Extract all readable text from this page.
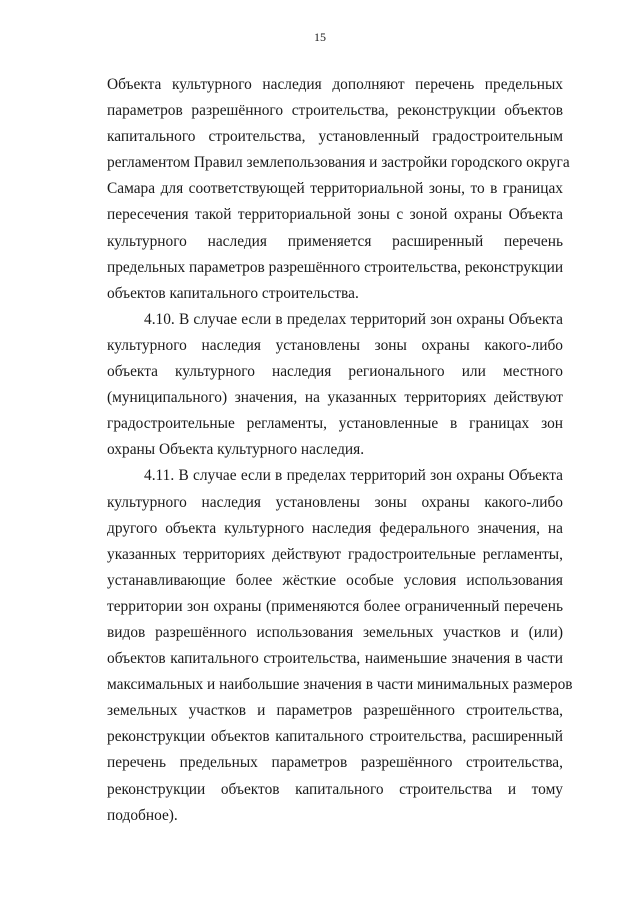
15

Объекта культурного наследия дополняют перечень предельных
параметров разрешённого строительства, реконструкции объектов
капитального строительства, установленный градостроительным
регламентом Правил землепользования и застройки городского округа
Самара для соответствующей территориальной зоны, то в границах
пересечения такой территориальной зоны с зоной охраны Объекта
культурного наследия применяется расширенный перечень
предельных параметров разрешённого строительства, реконструкции
объектов капитального строительства.

4.10. В случае если в пределах территорий зон охраны Объекта
культурного наследия установлены зоны охраны какого-либо
объекта культурного наследия регионального или местного
(муниципального) значения, на указанных территориях действуют
градостроительные регламенты, установленные в границах зон
охраны Объекта культурного наследия.

4.11. В случае если в пределах территорий зон охраны Объекта
культурного наследия установлены зоны охраны какого-либо
другого объекта культурного наследия федерального значения, на
указанных территориях действуют градостроительные регламенты,
устанавливающие более жёсткие особые условия использования
территории зон охраны (применяются более ограниченный перечень
видов разрешённого использования земельных участков и (или)
объектов капитального строительства, наименьшие значения в части
максимальных и наибольшие значения в части минимальных размеров
земельных участков и параметров разрешённого строительства,
реконструкции объектов капитального строительства, расширенный
перечень предельных параметров разрешённого строительства,
реконструкции объектов капитального строительства и тому
подобное).
